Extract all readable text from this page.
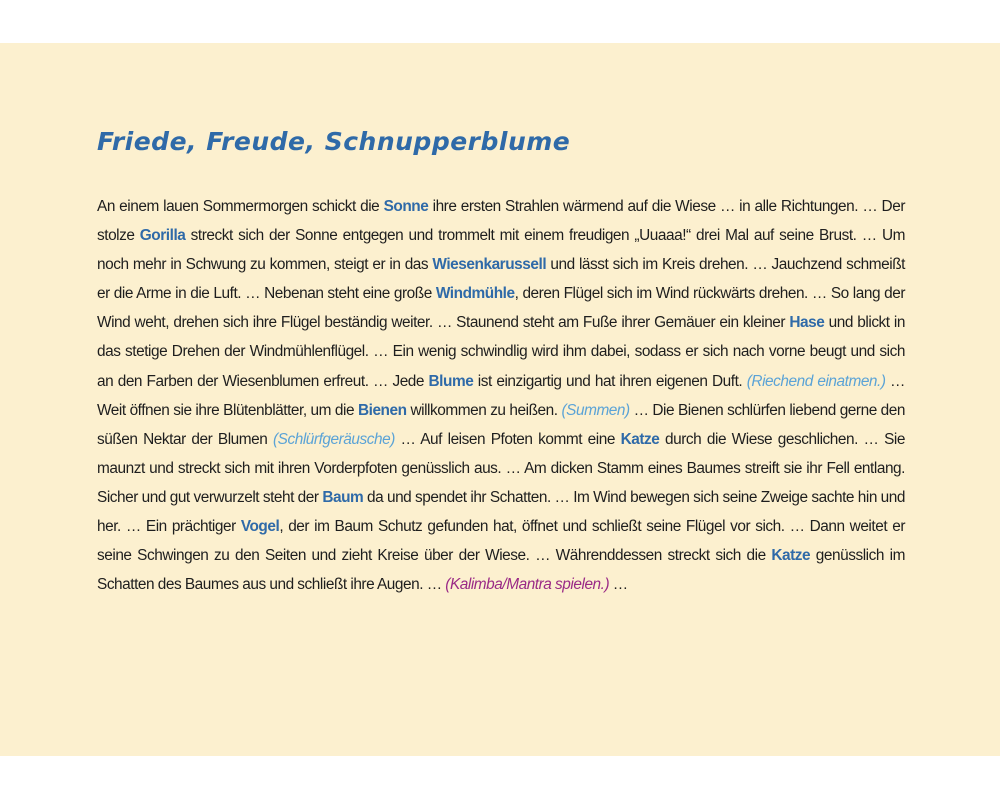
Friede, Freude, Schnupperblume

An einem lauen Sommermorgen schickt die Sonne ihre ersten Strahlen wärmend auf die Wiese … in alle Richtungen. … Der stolze Gorilla streckt sich der Sonne entgegen und trommelt mit einem freudigen „Uuaaa!“ drei Mal auf seine Brust. … Um noch mehr in Schwung zu kommen, steigt er in das Wiesenkarussell und lässt sich im Kreis drehen. … Jauchzend schmeißt er die Arme in die Luft. … Nebenan steht eine große Windmühle, deren Flügel sich im Wind rückwärts drehen. … So lang der Wind weht, drehen sich ihre Flügel beständig weiter. … Staunend steht am Fuße ihrer Gemäuer ein kleiner Hase und blickt in das stetige Drehen der Windmühlenflügel. … Ein wenig schwindlig wird ihm dabei, sodass er sich nach vorne beugt und sich an den Farben der Wiesenblumen erfreut. … Jede Blume ist einzigartig und hat ihren eigenen Duft. (Riechend einatmen.) … Weit öffnen sie ihre Blütenblätter, um die Bienen willkommen zu heißen. (Summen) … Die Bienen schlürfen liebend gerne den süßen Nektar der Blumen (Schlürfgeräusche) … Auf leisen Pfoten kommt eine Katze durch die Wiese geschlichen. … Sie maunzt und streckt sich mit ihren Vorderpfoten genüsslich aus. … Am dicken Stamm eines Baumes streift sie ihr Fell entlang. Sicher und gut verwurzelt steht der Baum da und spendet ihr Schatten. … Im Wind bewegen sich seine Zweige sachte hin und her. … Ein prächtiger Vogel, der im Baum Schutz gefunden hat, öffnet und schließt seine Flügel vor sich. … Dann weitet er seine Schwingen zu den Seiten und zieht Kreise über der Wiese. … Währenddessen streckt sich die Katze genüsslich im Schatten des Baumes aus und schließt ihre Augen. … (Kalimba/Mantra spielen.) …
